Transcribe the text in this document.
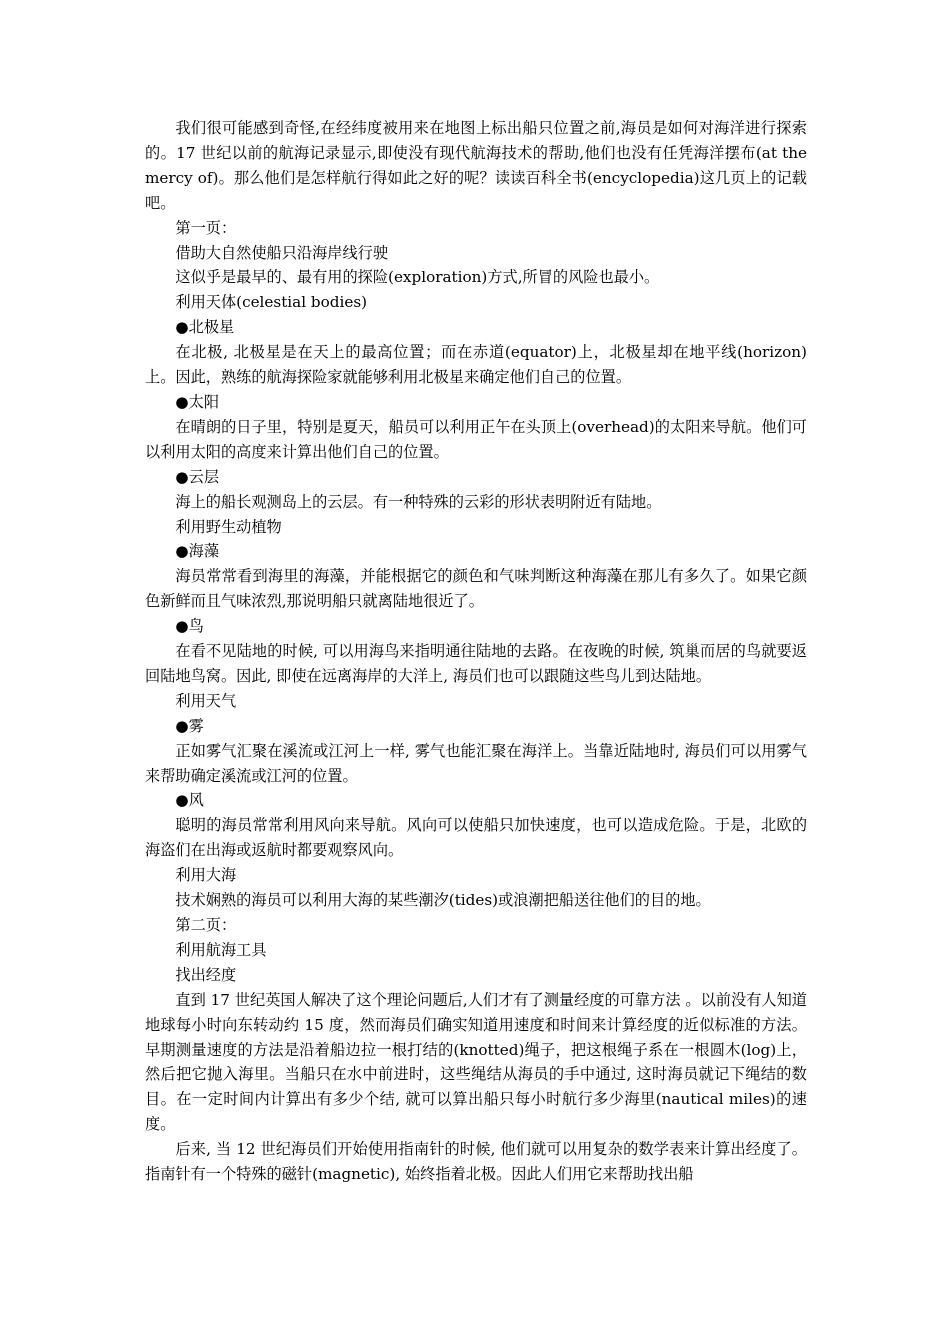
我们很可能感到奇怪,在经纬度被用来在地图上标出船只位置之前,海员是如何对海洋进行探索的。17 世纪以前的航海记录显示,即使没有现代航海技术的帮助,他们也没有任凭海洋摆布(at the mercy of)。那么他们是怎样航行得如此之好的呢？读读百科全书(encyclopedia)这几页上的记载吧。

第一页：

借助大自然使船只沿海岸线行驶

这似乎是最早的、最有用的探险(exploration)方式,所冒的风险也最小。

利用天体(celestial bodies)

●北极星

在北极, 北极星是在天上的最高位置；而在赤道(equator)上，北极星却在地平线(horizon)上。因此，熟练的航海探险家就能够利用北极星来确定他们自己的位置。

●太阳

在晴朗的日子里，特别是夏天，船员可以利用正午在头顶上(overhead)的太阳来导航。他们可以利用太阳的高度来计算出他们自己的位置。

●云层

海上的船长观测岛上的云层。有一种特殊的云彩的形状表明附近有陆地。

利用野生动植物

●海藻

海员常常看到海里的海藻，并能根据它的颜色和气味判断这种海藻在那儿有多久了。如果它颜色新鲜而且气味浓烈,那说明船只就离陆地很近了。

●鸟

在看不见陆地的时候, 可以用海鸟来指明通往陆地的去路。在夜晚的时候, 筑巢而居的鸟就要返回陆地鸟窝。因此, 即使在远离海岸的大洋上, 海员们也可以跟随这些鸟儿到达陆地。

利用天气

●雾

正如雾气汇聚在溪流或江河上一样, 雾气也能汇聚在海洋上。当靠近陆地时, 海员们可以用雾气来帮助确定溪流或江河的位置。

●风

聪明的海员常常利用风向来导航。风向可以使船只加快速度，也可以造成危险。于是，北欧的海盗们在出海或返航时都要观察风向。

利用大海

技术娴熟的海员可以利用大海的某些潮汐(tides)或浪潮把船送往他们的目的地。

第二页：

利用航海工具

找出经度

直到 17 世纪英国人解决了这个理论问题后,人们才有了测量经度的可靠方法 。以前没有人知道地球每小时向东转动约 15 度，然而海员们确实知道用速度和时间来计算经度的近似标准的方法。早期测量速度的方法是沿着船边拉一根打结的(knotted)绳子，把这根绳子系在一根圆木(log)上，然后把它抛入海里。当船只在水中前进时，这些绳结从海员的手中通过, 这时海员就记下绳结的数目。在一定时间内计算出有多少个结, 就可以算出船只每小时航行多少海里(nautical miles)的速度。

后来, 当 12 世纪海员们开始使用指南针的时候, 他们就可以用复杂的数学表来计算出经度了。指南针有一个特殊的磁针(magnetic), 始终指着北极。因此人们用它来帮助找出船
